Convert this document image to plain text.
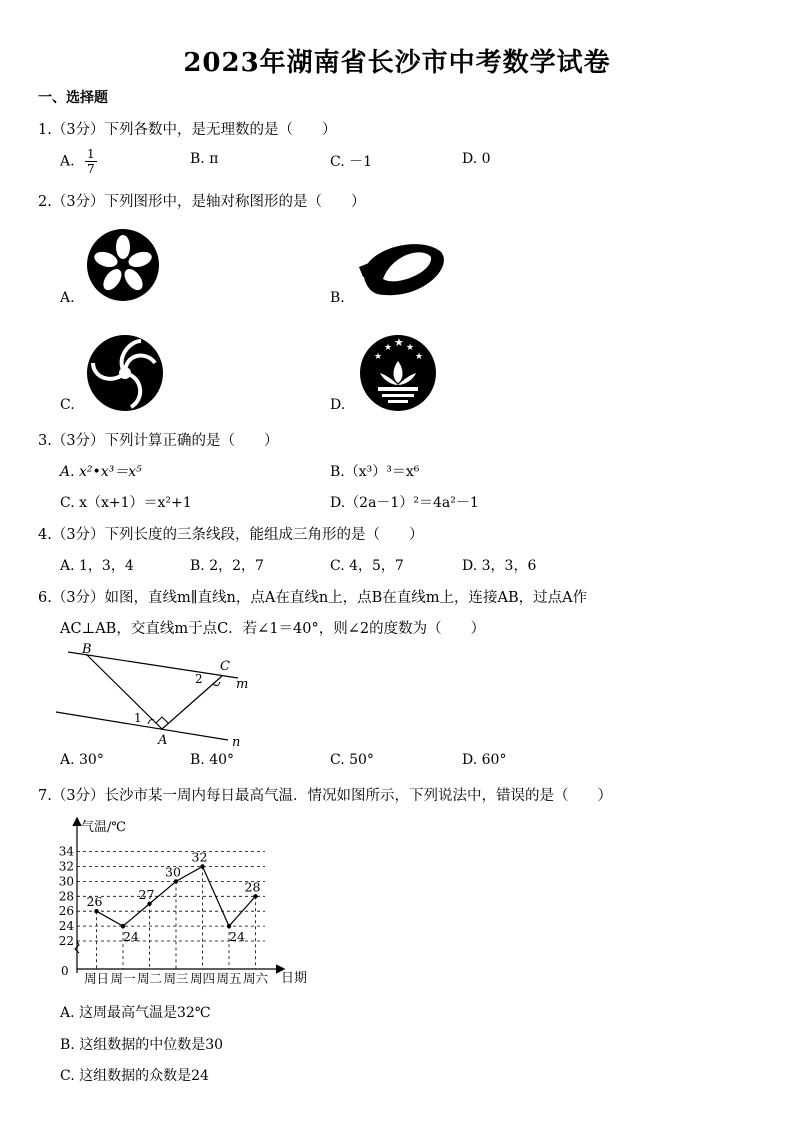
2023年湖南省长沙市中考数学试卷
一、选择题
1.（3分）下列各数中，是无理数的是（　　）
A. $\frac{1}{7}$	B. π	C. －1	D. 0
2.（3分）下列图形中，是轴对称图形的是（　　）
A.	B.
C.
★
★ ★ ★
★
D.
3.（3分）下列计算正确的是（　　）
A. x²•x³＝x⁵	B.（x³）³＝x⁶
C. x（x+1）＝x²+1	D.（2a－1）²＝4a²－1
4.（3分）下列长度的三条线段，能组成三角形的是（　　）
A. 1，3，4	B. 2，2，7	C. 4，5，7	D. 3，3，6
6.（3分）如图，直线m∥直线n，点A在直线n上，点B在直线m上，连接AB，过点A作
AC⊥AB，交直线m于点C．若∠1＝40°，则∠2的度数为（　　）
B
C
A
m
n
1
2
A. 30°	B. 40°	C. 50°	D. 60°
7.（3分）长沙市某一周内每日最高气温．情况如图所示，下列说法中，错误的是（　　）
气温/℃
0	日期
22
24
26
28
30
32
34
周日 周一 周二 周三 周四 周五 周六
26
24
27
30
32
24
28
A. 这周最高气温是32℃
B. 这组数据的中位数是30
C. 这组数据的众数是24
